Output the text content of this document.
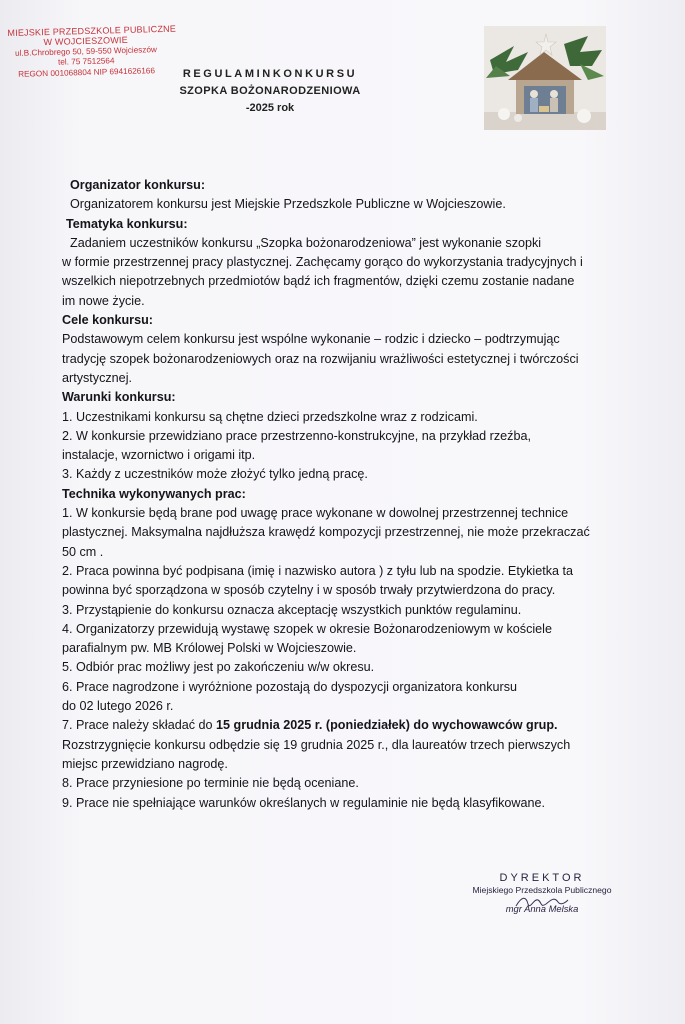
MIEJSKIE PRZEDSZKOLE PUBLICZNE
W WOJCIESZOWIE
ul.B.Chrobrego 50, 59-550 Wojcieszów
tel. 75 7512564
REGON 001068804 NIP 6941626166	REGULAMINKONKURSU
SZOPKA BOŻONARODZENIOWA
-2025 rok
Organizator konkursu:
Organizatorem konkursu jest Miejskie Przedszkole Publiczne w Wojcieszowie.
Tematyka konkursu:
Zadaniem uczestników konkursu „Szopka bożonarodzeniowa” jest wykonanie szopki
w formie przestrzennej pracy plastycznej. Zachęcamy gorąco do wykorzystania tradycyjnych i
wszelkich niepotrzebnych przedmiotów bądź ich fragmentów, dzięki czemu zostanie nadane
im nowe życie.
Cele konkursu:
Podstawowym celem konkursu jest wspólne wykonanie – rodzic i dziecko – podtrzymując
tradycję szopek bożonarodzeniowych oraz na rozwijaniu wrażliwości estetycznej i twórczości
artystycznej.
Warunki konkursu:
1. Uczestnikami konkursu są chętne dzieci przedszkolne wraz z rodzicami.
2. W konkursie przewidziano prace przestrzenno-konstrukcyjne, na przykład rzeźba,
instalacje, wzornictwo i origami itp.
3. Każdy z uczestników może złożyć tylko jedną pracę.
Technika wykonywanych prac:
1. W konkursie będą brane pod uwagę prace wykonane w dowolnej przestrzennej technice
plastycznej. Maksymalna najdłuższa krawędź kompozycji przestrzennej, nie może przekraczać
50 cm .
2. Praca powinna być podpisana (imię i nazwisko autora ) z tyłu lub na spodzie. Etykietka ta
powinna być sporządzona w sposób czytelny i w sposób trwały przytwierdzona do pracy.
3. Przystąpienie do konkursu oznacza akceptację wszystkich punktów regulaminu.
4. Organizatorzy przewidują wystawę szopek w okresie Bożonarodzeniowym w kościele
parafialnym pw. MB Królowej Polski w Wojcieszowie.
5. Odbiór prac możliwy jest po zakończeniu w/w okresu.
6. Prace nagrodzone i wyróżnione pozostają do dyspozycji organizatora konkursu
do 02 lutego 2026 r.
7. Prace należy składać do 15 grudnia 2025 r. (poniedziałek) do wychowawców grup.
Rozstrzygnięcie konkursu odbędzie się 19 grudnia 2025 r., dla laureatów trzech pierwszych
miejsc przewidziano nagrodę.
8. Prace przyniesione po terminie nie będą oceniane.
9. Prace nie spełniające warunków określanych w regulaminie nie będą klasyfikowane.
DYREKTOR
Miejskiego Przedszkola Publicznego
mgr Anna Melska
